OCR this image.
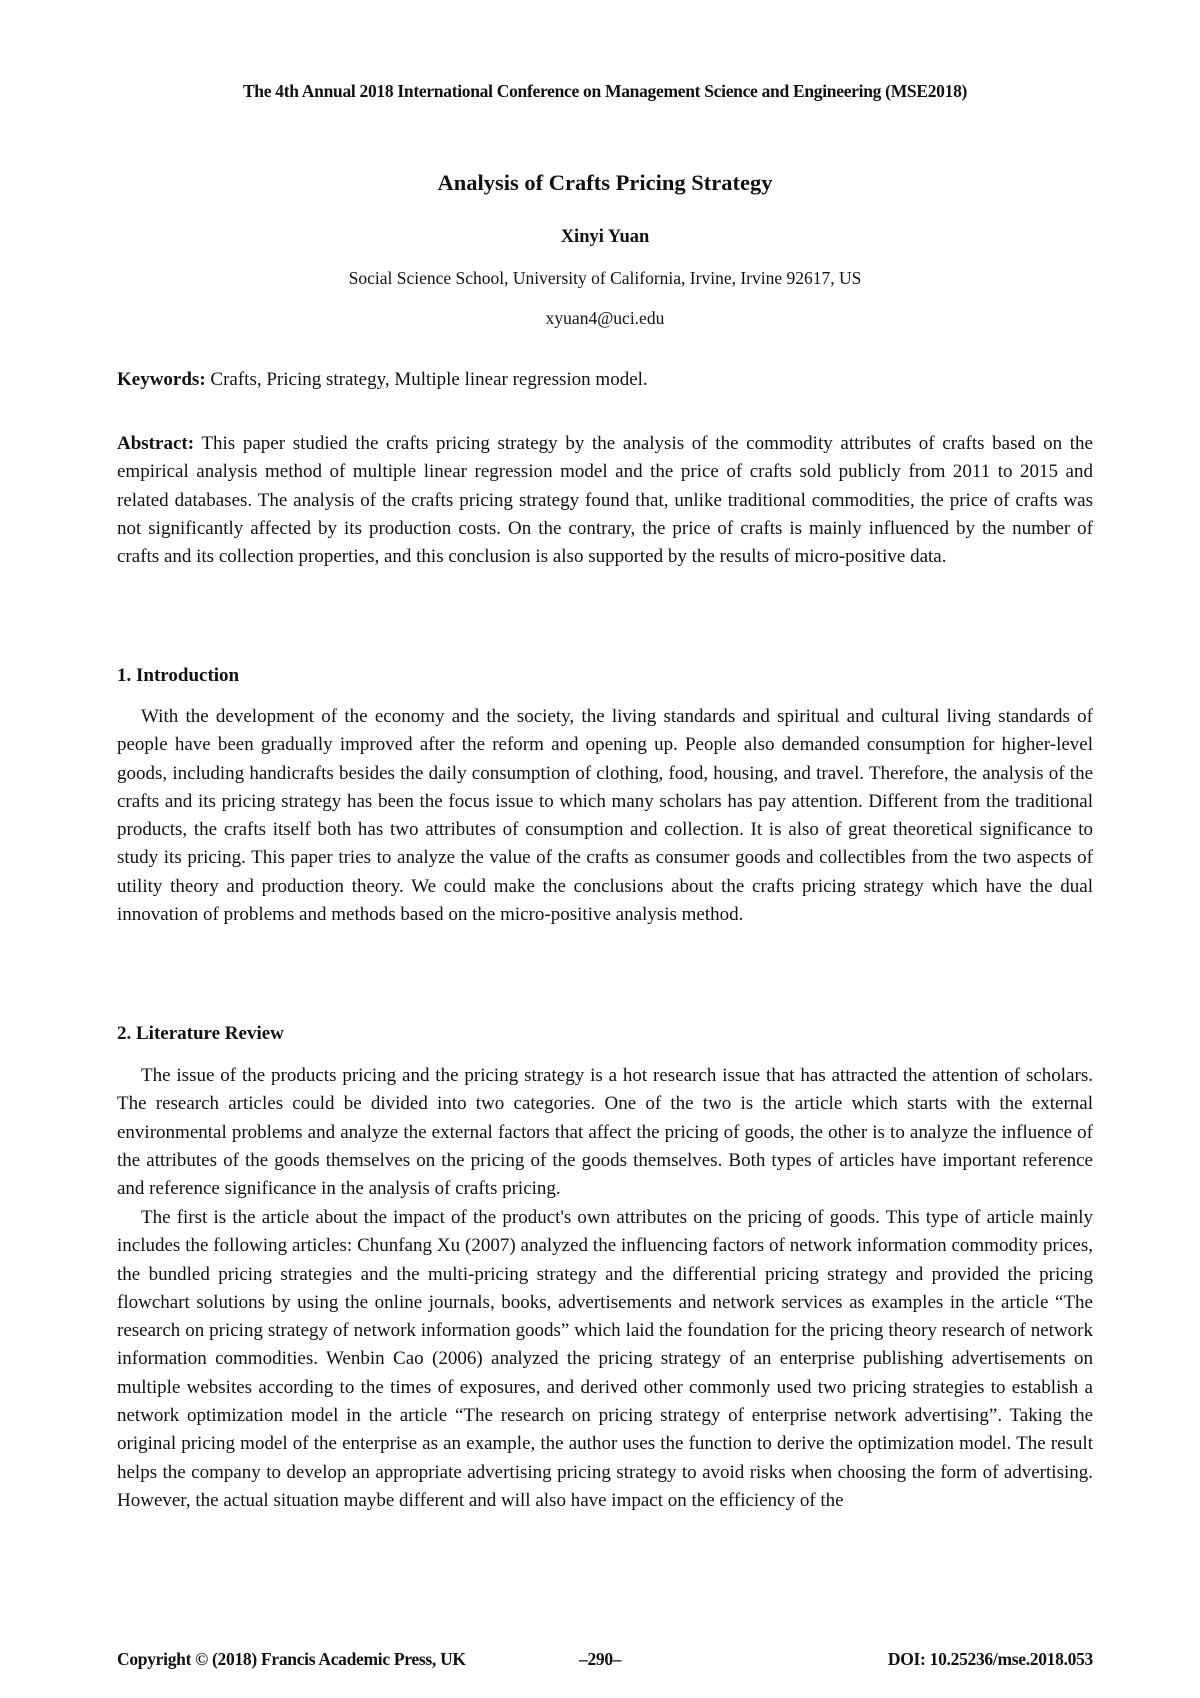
The 4th Annual 2018 International Conference on Management Science and Engineering (MSE2018)
Analysis of Crafts Pricing Strategy
Xinyi Yuan
Social Science School, University of California, Irvine, Irvine 92617, US
xyuan4@uci.edu

Keywords: Crafts, Pricing strategy, Multiple linear regression model.

Abstract: This paper studied the crafts pricing strategy by the analysis of the commodity attributes of crafts based on the empirical analysis method of multiple linear regression model and the price of crafts sold publicly from 2011 to 2015 and related databases. The analysis of the crafts pricing strategy found that, unlike traditional commodities, the price of crafts was not significantly affected by its production costs. On the contrary, the price of crafts is mainly influenced by the number of crafts and its collection properties, and this conclusion is also supported by the results of micro-positive data.

1. Introduction

With the development of the economy and the society, the living standards and spiritual and cultural living standards of people have been gradually improved after the reform and opening up. People also demanded consumption for higher-level goods, including handicrafts besides the daily consumption of clothing, food, housing, and travel. Therefore, the analysis of the crafts and its pricing strategy has been the focus issue to which many scholars has pay attention. Different from the traditional products, the crafts itself both has two attributes of consumption and collection. It is also of great theoretical significance to study its pricing. This paper tries to analyze the value of the crafts as consumer goods and collectibles from the two aspects of utility theory and production theory. We could make the conclusions about the crafts pricing strategy which have the dual innovation of problems and methods based on the micro-positive analysis method.

2. Literature Review

The issue of the products pricing and the pricing strategy is a hot research issue that has attracted the attention of scholars. The research articles could be divided into two categories. One of the two is the article which starts with the external environmental problems and analyze the external factors that affect the pricing of goods, the other is to analyze the influence of the attributes of the goods themselves on the pricing of the goods themselves. Both types of articles have important reference and reference significance in the analysis of crafts pricing.

The first is the article about the impact of the product's own attributes on the pricing of goods. This type of article mainly includes the following articles: Chunfang Xu (2007) analyzed the influencing factors of network information commodity prices, the bundled pricing strategies and the multi-pricing strategy and the differential pricing strategy and provided the pricing flowchart solutions by using the online journals, books, advertisements and network services as examples in the article “The research on pricing strategy of network information goods” which laid the foundation for the pricing theory research of network information commodities. Wenbin Cao (2006) analyzed the pricing strategy of an enterprise publishing advertisements on multiple websites according to the times of exposures, and derived other commonly used two pricing strategies to establish a network optimization model in the article “The research on pricing strategy of enterprise network advertising”. Taking the original pricing model of the enterprise as an example, the author uses the function to derive the optimization model. The result helps the company to develop an appropriate advertising pricing strategy to avoid risks when choosing the form of advertising. However, the actual situation maybe different and will also have impact on the efficiency of the

Copyright © (2018) Francis Academic Press, UK	–290–	DOI: 10.25236/mse.2018.053
